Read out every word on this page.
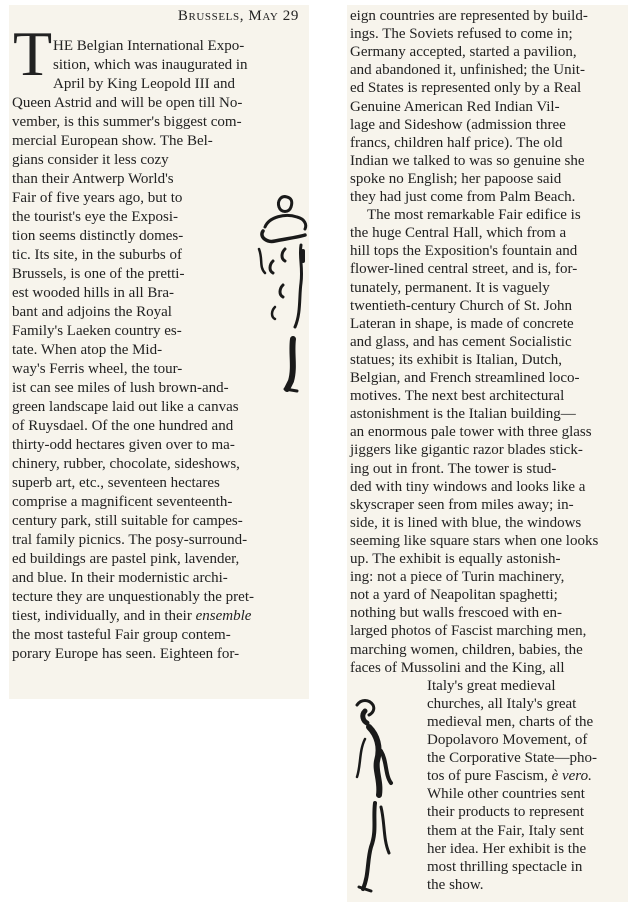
Brussels, May 29
T HE Belgian International Expo-
sition, which was inaugurated in
April by King Leopold III and
Queen Astrid and will be open till No-
vember, is this summer's biggest com-
mercial European show. The Bel-
gians consider it less cozy
than their Antwerp World's
Fair of five years ago, but to
the tourist's eye the Exposi-
tion seems distinctly domes-
tic. Its site, in the suburbs of
Brussels, is one of the pretti-
est wooded hills in all Bra-
bant and adjoins the Royal
Family's Laeken country es-
tate. When atop the Mid-
way's Ferris wheel, the tour-
ist can see miles of lush brown-and-
green landscape laid out like a canvas
of Ruysdael. Of the one hundred and
thirty-odd hectares given over to ma-
chinery, rubber, chocolate, sideshows,
superb art, etc., seventeen hectares
comprise a magnificent seventeenth-
century park, still suitable for campes-
tral family picnics. The posy-surround-
ed buildings are pastel pink, lavender,
and blue. In their modernistic archi-
tecture they are unquestionably the pret-
tiest, individually, and in their ensemble
the most tasteful Fair group contem-
porary Europe has seen. Eighteen for-
eign countries are represented by build-
ings. The Soviets refused to come in;
Germany accepted, started a pavilion,
and abandoned it, unfinished; the Unit-
ed States is represented only by a Real
Genuine American Red Indian Vil-
lage and Sideshow (admission three
francs, children half price). The old
Indian we talked to was so genuine she
spoke no English; her papoose said
they had just come from Palm Beach.
The most remarkable Fair edifice is
the huge Central Hall, which from a
hill tops the Exposition's fountain and
flower-lined central street, and is, for-
tunately, permanent. It is vaguely
twentieth-century Church of St. John
Lateran in shape, is made of concrete
and glass, and has cement Socialistic
statues; its exhibit is Italian, Dutch,
Belgian, and French streamlined loco-
motives. The next best architectural
astonishment is the Italian building—
an enormous pale tower with three glass
jiggers like gigantic razor blades stick-
ing out in front. The tower is stud-
ded with tiny windows and looks like a
skyscraper seen from miles away; in-
side, it is lined with blue, the windows
seeming like square stars when one looks
up. The exhibit is equally astonish-
ing: not a piece of Turin machinery,
not a yard of Neapolitan spaghetti;
nothing but walls frescoed with en-
larged photos of Fascist marching men,
marching women, children, babies, the
faces of Mussolini and the King, all
Italy's great medieval
churches, all Italy's great
medieval men, charts of the
Dopolavoro Movement, of
the Corporative State—pho-
tos of pure Fascism, è vero.
While other countries sent
their products to represent
them at the Fair, Italy sent
her idea. Her exhibit is the
most thrilling spectacle in
the show.
